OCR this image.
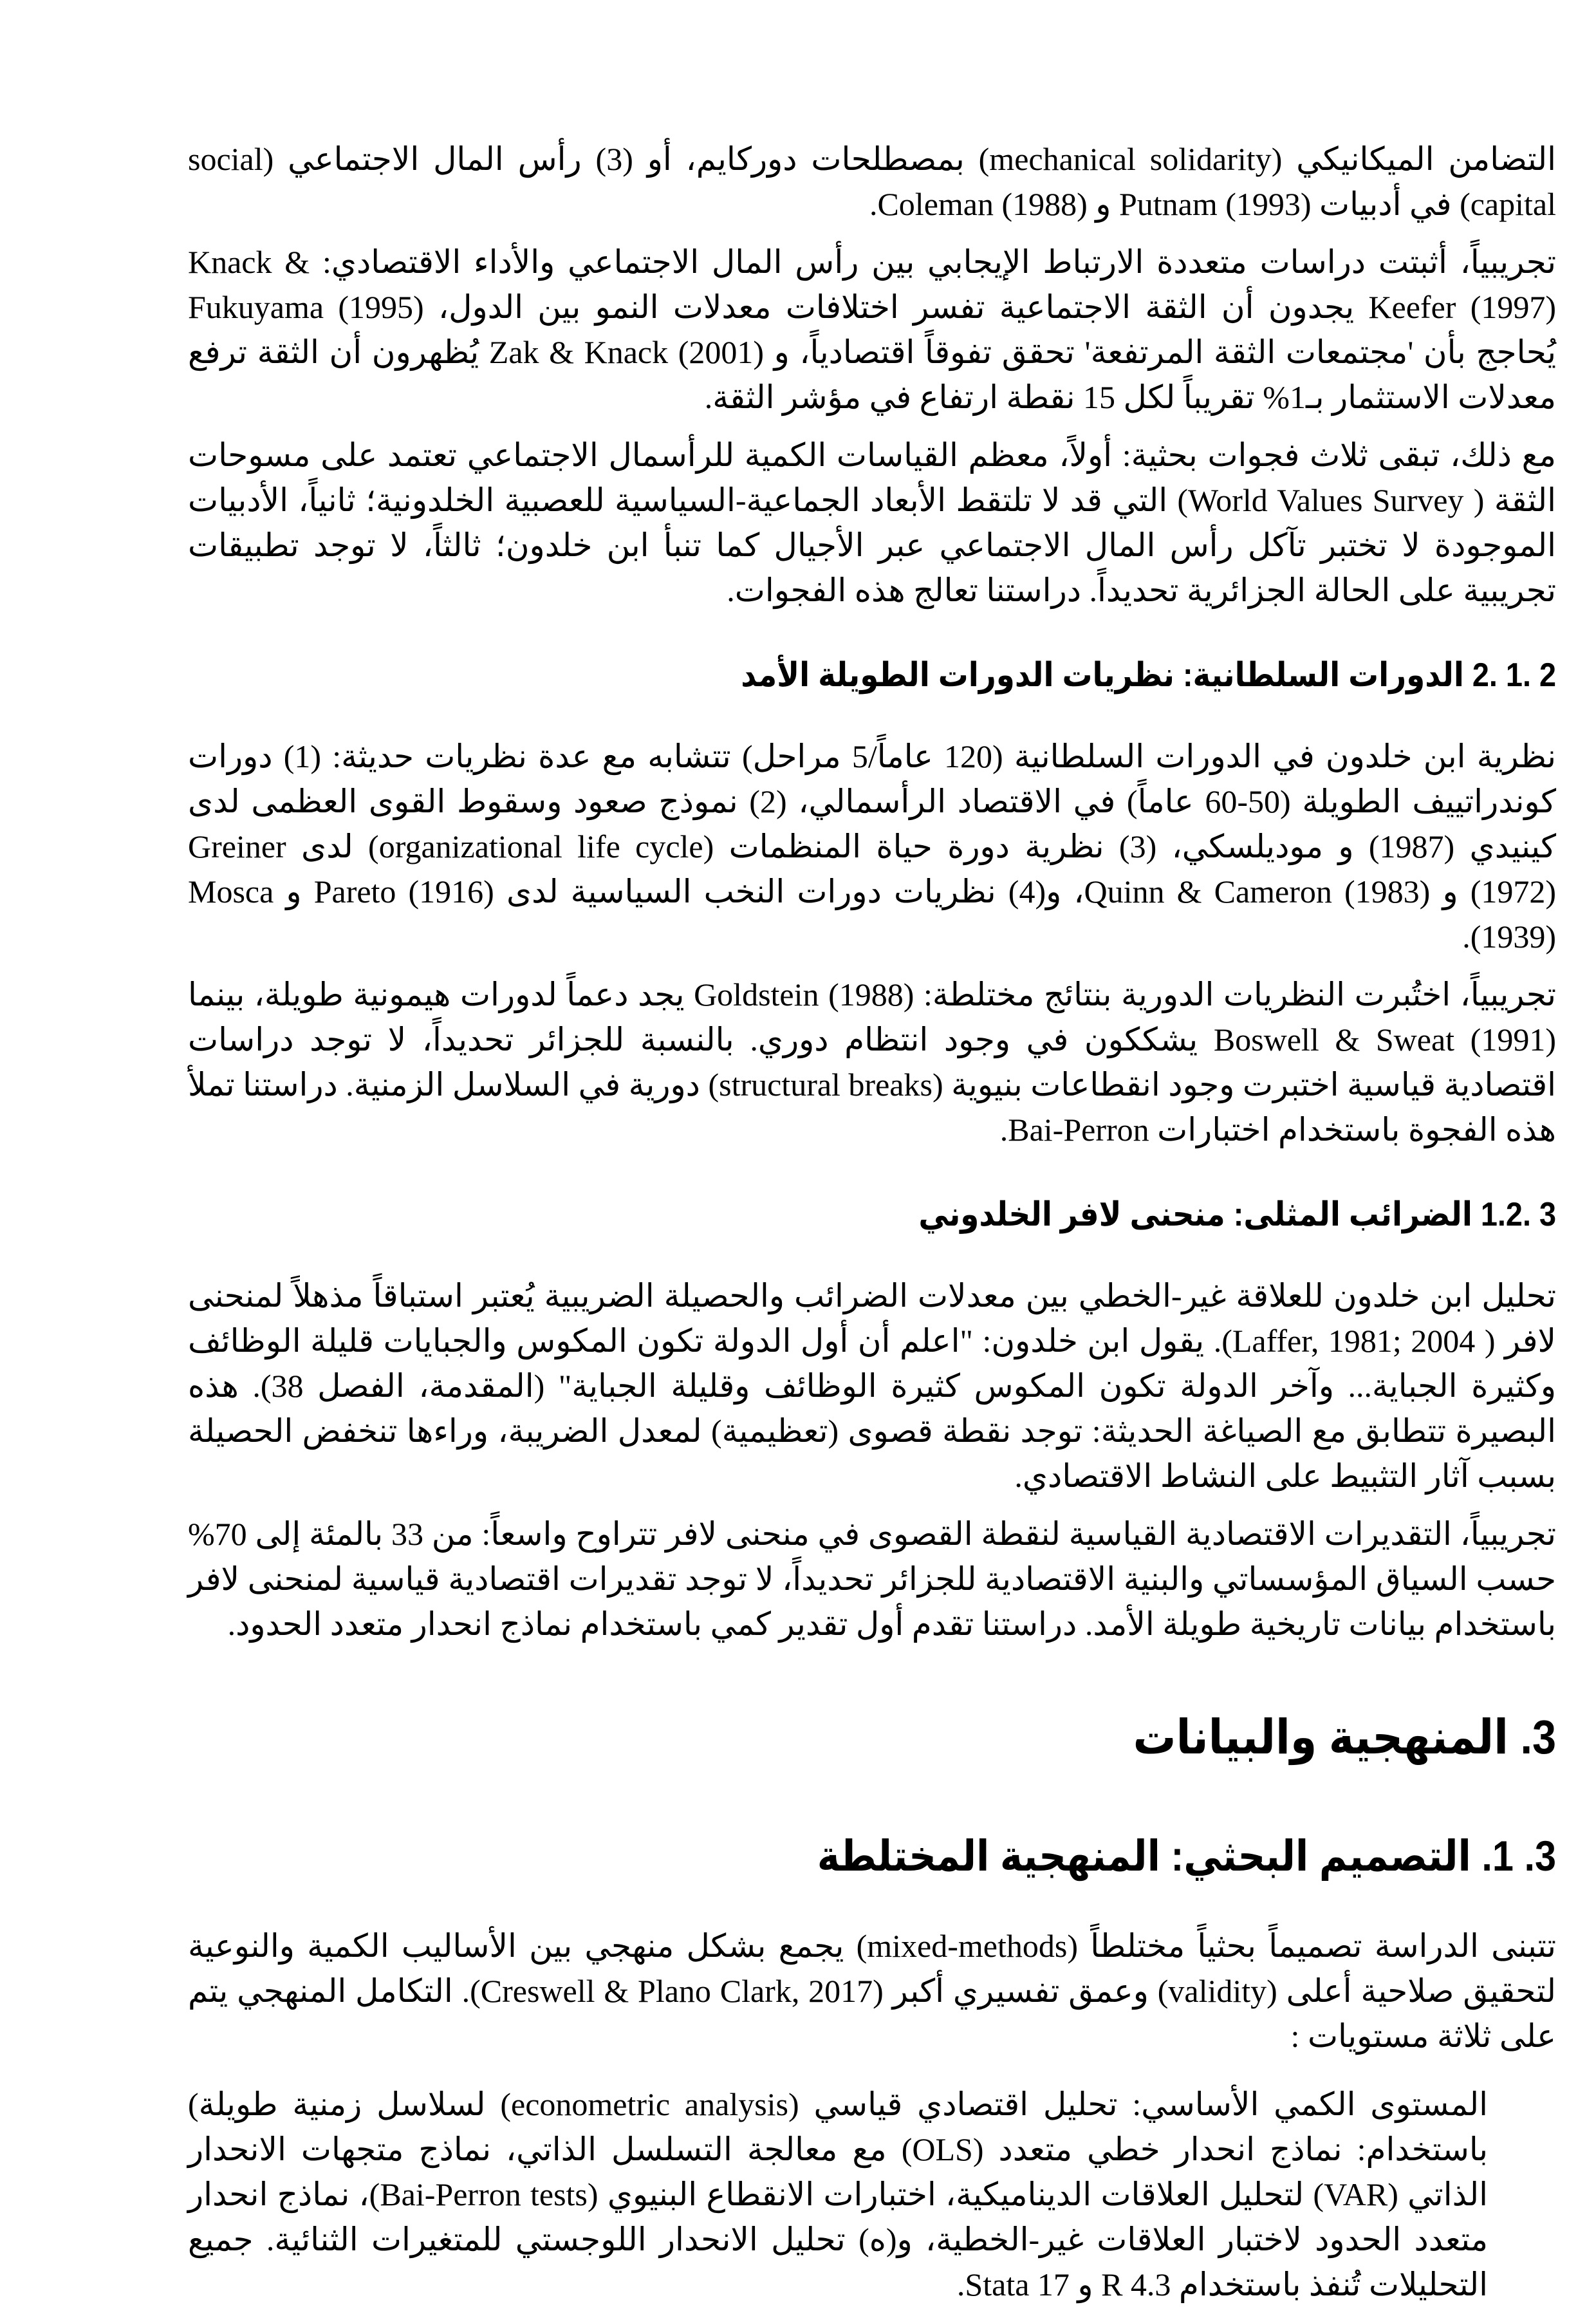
التضامن الميكانيكي (mechanical solidarity) بمصطلحات دوركايم، أو (3) رأس المال الاجتماعي (social capital) في أدبيات Putnam (1993) و Coleman (1988).

تجريبياً، أثبتت دراسات متعددة الارتباط الإيجابي بين رأس المال الاجتماعي والأداء الاقتصادي: Knack & Keefer (1997) يجدون أن الثقة الاجتماعية تفسر اختلافات معدلات النمو بين الدول، Fukuyama (1995) يُحاجج بأن 'مجتمعات الثقة المرتفعة' تحقق تفوقاً اقتصادياً، و Zak & Knack (2001) يُظهرون أن الثقة ترفع معدلات الاستثمار بـ1% تقريباً لكل 15 نقطة ارتفاع في مؤشر الثقة.

مع ذلك، تبقى ثلاث فجوات بحثية: أولاً، معظم القياسات الكمية للرأسمال الاجتماعي تعتمد على مسوحات الثقة ( World Values Survey) التي قد لا تلتقط الأبعاد الجماعية-السياسية للعصبية الخلدونية؛ ثانياً، الأدبيات الموجودة لا تختبر تآكل رأس المال الاجتماعي عبر الأجيال كما تنبأ ابن خلدون؛ ثالثاً، لا توجد تطبيقات تجريبية على الحالة الجزائرية تحديداً. دراستنا تعالج هذه الفجوات.

2 .1 .2 الدورات السلطانية: نظريات الدورات الطويلة الأمد

نظرية ابن خلدون في الدورات السلطانية (120 عاماً/5 مراحل) تتشابه مع عدة نظريات حديثة: (1) دورات كوندراتييف الطويلة (50-60 عاماً) في الاقتصاد الرأسمالي، (2) نموذج صعود وسقوط القوى العظمى لدى كينيدي (1987) و موديلسكي، (3) نظرية دورة حياة المنظمات (organizational life cycle) لدى Greiner (1972) و Quinn & Cameron (1983)، و(4) نظريات دورات النخب السياسية لدى Pareto (1916) و Mosca (1939).

تجريبياً، اختُبرت النظريات الدورية بنتائج مختلطة: Goldstein (1988) يجد دعماً لدورات هيمونية طويلة، بينما Boswell & Sweat (1991) يشككون في وجود انتظام دوري. بالنسبة للجزائر تحديداً، لا توجد دراسات اقتصادية قياسية اختبرت وجود انقطاعات بنيوية (structural breaks) دورية في السلاسل الزمنية. دراستنا تملأ هذه الفجوة باستخدام اختبارات Bai-Perron.

3 .1.2 الضرائب المثلى: منحنى لافر الخلدوني

تحليل ابن خلدون للعلاقة غير-الخطي بين معدلات الضرائب والحصيلة الضريبية يُعتبر استباقاً مذهلاً لمنحنى لافر ( Laffer, 1981; 2004). يقول ابن خلدون: "اعلم أن أول الدولة تكون المكوس والجبايات قليلة الوظائف وكثيرة الجباية... وآخر الدولة تكون المكوس كثيرة الوظائف وقليلة الجباية" (المقدمة، الفصل 38). هذه البصيرة تتطابق مع الصياغة الحديثة: توجد نقطة قصوى (تعظيمية) لمعدل الضريبة، وراءها تنخفض الحصيلة بسبب آثار التثبيط على النشاط الاقتصادي.

تجريبياً، التقديرات الاقتصادية القياسية لنقطة القصوى في منحنى لافر تتراوح واسعاً: من 33 بالمئة إلى 70% حسب السياق المؤسساتي والبنية الاقتصادية للجزائر تحديداً، لا توجد تقديرات اقتصادية قياسية لمنحنى لافر باستخدام بيانات تاريخية طويلة الأمد. دراستنا تقدم أول تقدير كمي باستخدام نماذج انحدار متعدد الحدود.

3. المنهجية والبيانات
3. 1. التصميم البحثي: المنهجية المختلطة

تتبنى الدراسة تصميماً بحثياً مختلطاً (mixed-methods) يجمع بشكل منهجي بين الأساليب الكمية والنوعية لتحقيق صلاحية أعلى (validity) وعمق تفسيري أكبر (Creswell & Plano Clark, 2017). التكامل المنهجي يتم على ثلاثة مستويات :

المستوى الكمي الأساسي: تحليل اقتصادي قياسي (econometric analysis) لسلاسل زمنية طويلة) باستخدام: نماذج انحدار خطي متعدد (OLS) مع معالجة التسلسل الذاتي، نماذج متجهات الانحدار الذاتي (VAR) لتحليل العلاقات الديناميكية، اختبارات الانقطاع البنيوي (Bai-Perron tests)، نماذج انحدار متعدد الحدود لاختبار العلاقات غير-الخطية، و(ه) تحليل الانحدار اللوجستي للمتغيرات الثنائية. جميع التحليلات تُنفذ باستخدام R 4.3 و Stata 17.
